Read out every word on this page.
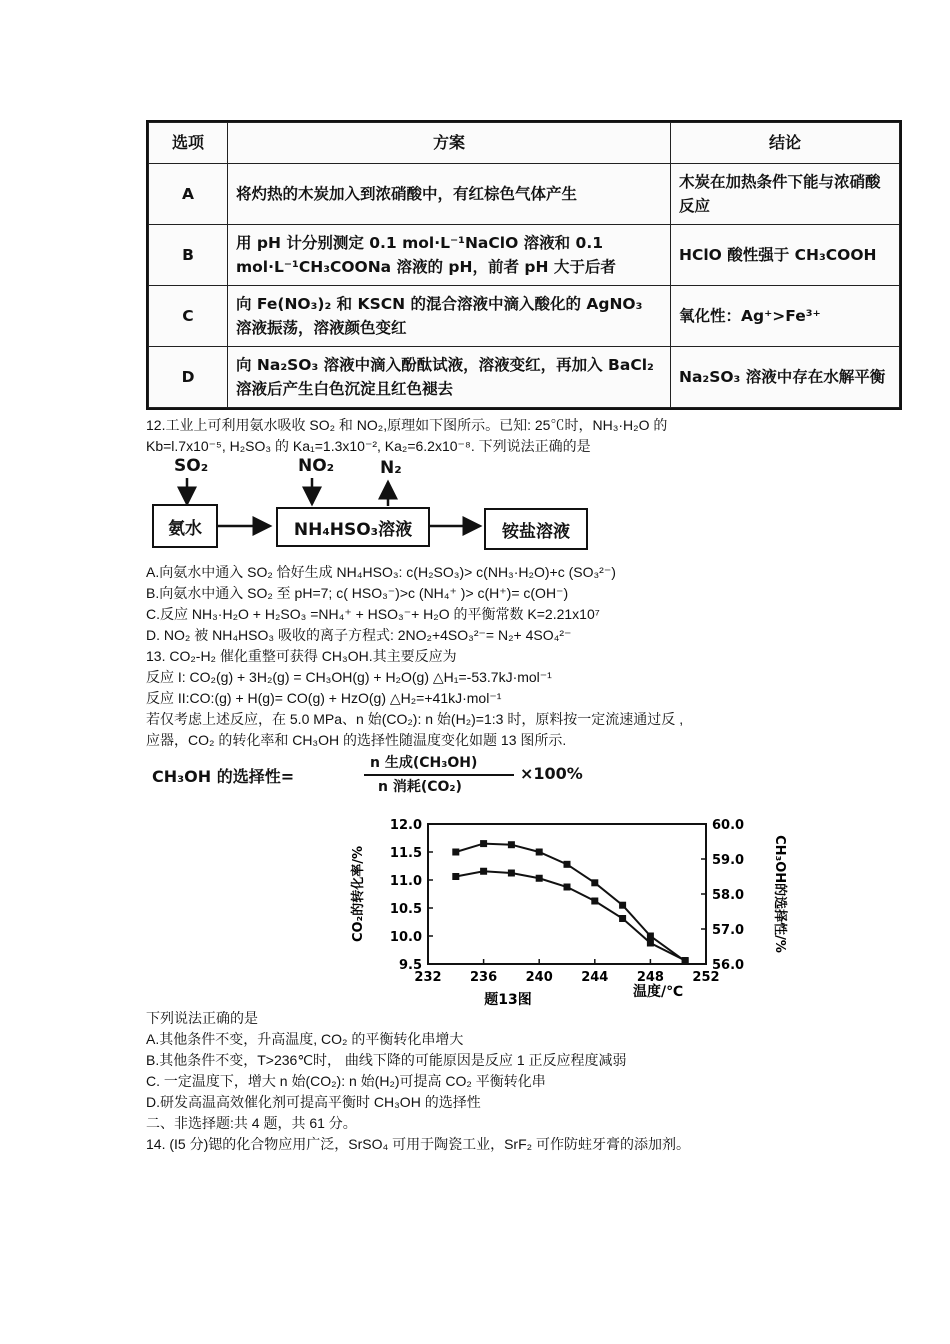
选项	方案	结论
A	将灼热的木炭加入到浓硝酸中，有红棕色气体产生	木炭在加热条件下能与浓硝酸反应
B	用 pH 计分别测定 0.1 mol·L⁻¹NaClO 溶液和 0.1 mol·L⁻¹CH₃COONa 溶液的 pH，前者 pH 大于后者	HClO 酸性强于 CH₃COOH
C	向 Fe(NO₃)₂ 和 KSCN 的混合溶液中滴入酸化的 AgNO₃ 溶液振荡，溶液颜色变红	氧化性：Ag⁺>Fe³⁺
D	向 Na₂SO₃ 溶液中滴入酚酞试液，溶液变红，再加入 BaCl₂ 溶液后产生白色沉淀且红色褪去	Na₂SO₃ 溶液中存在水解平衡
12.工业上可利用氨水吸收 SO₂ 和 NO₂,原理如下图所示。已知: 25℃时，NH₃·H₂O 的
Kb=l.7x10⁻⁵, H₂SO₃ 的 Ka₁=1.3x10⁻², Ka₂=6.2x10⁻⁸. 下列说法正确的是
SO₂	NO₂	N₂
氨水	NH₄HSO₃溶液	铵盐溶液
A.向氨水中通入 SO₂ 恰好生成 NH₄HSO₃: c(H₂SO₃)> c(NH₃·H₂O)+c (SO₃²⁻)
B.向氨水中通入 SO₂ 至 pH=7; c( HSO₃⁻)>c (NH₄⁺ )> c(H⁺)= c(OH⁻)
C.反应 NH₃·H₂O + H₂SO₃ =NH₄⁺ + HSO₃⁻+ H₂O 的平衡常数 K=2.21x10⁷
D. NO₂ 被 NH₄HSO₃ 吸收的离子方程式: 2NO₂+4SO₃²⁻= N₂+ 4SO₄²⁻
13. CO₂-H₂ 催化重整可获得 CH₃OH.其主要反应为
反应 I: CO₂(g) + 3H₂(g) = CH₃OH(g) + H₂O(g) △H₁=-53.7kJ·mol⁻¹
反应 II:CO:(g) + H(g)= CO(g) + HzO(g) △H₂=+41kJ·mol⁻¹
若仅考虑上述反应，在 5.0 MPa、n 始(CO₂): n 始(H₂)=1:3 时，原料按一定流速通过反 ,
应器，CO₂ 的转化率和 CH₃OH 的选择性随温度变化如题 13 图所示.
CH₃OH 的选择性=
n 生成(CH₃OH)
n 消耗(CO₂)
×100%
CO₂的转化率/%	CH₃OH的选择性/%
题13图	温度/℃
232 236 240 244 248 252
9.5
10.0
10.5
11.0
11.5
12.0
56.0
57.0
58.0
59.0
60.0
下列说法正确的是
A.其他条件不变，升高温度, CO₂ 的平衡转化串增大
B.其他条件不变，T>236℃时， 曲线下降的可能原因是反应 1 正反应程度减弱
C. 一定温度下，增大 n 始(CO₂): n 始(H₂)可提高 CO₂ 平衡转化串
D.研发高温高效催化剂可提高平衡时 CH₃OH 的选择性
二、非选择题:共 4 题，共 61 分。
14. (I5 分)锶的化合物应用广泛，SrSO₄ 可用于陶瓷工业，SrF₂ 可作防蛀牙膏的添加剂。
